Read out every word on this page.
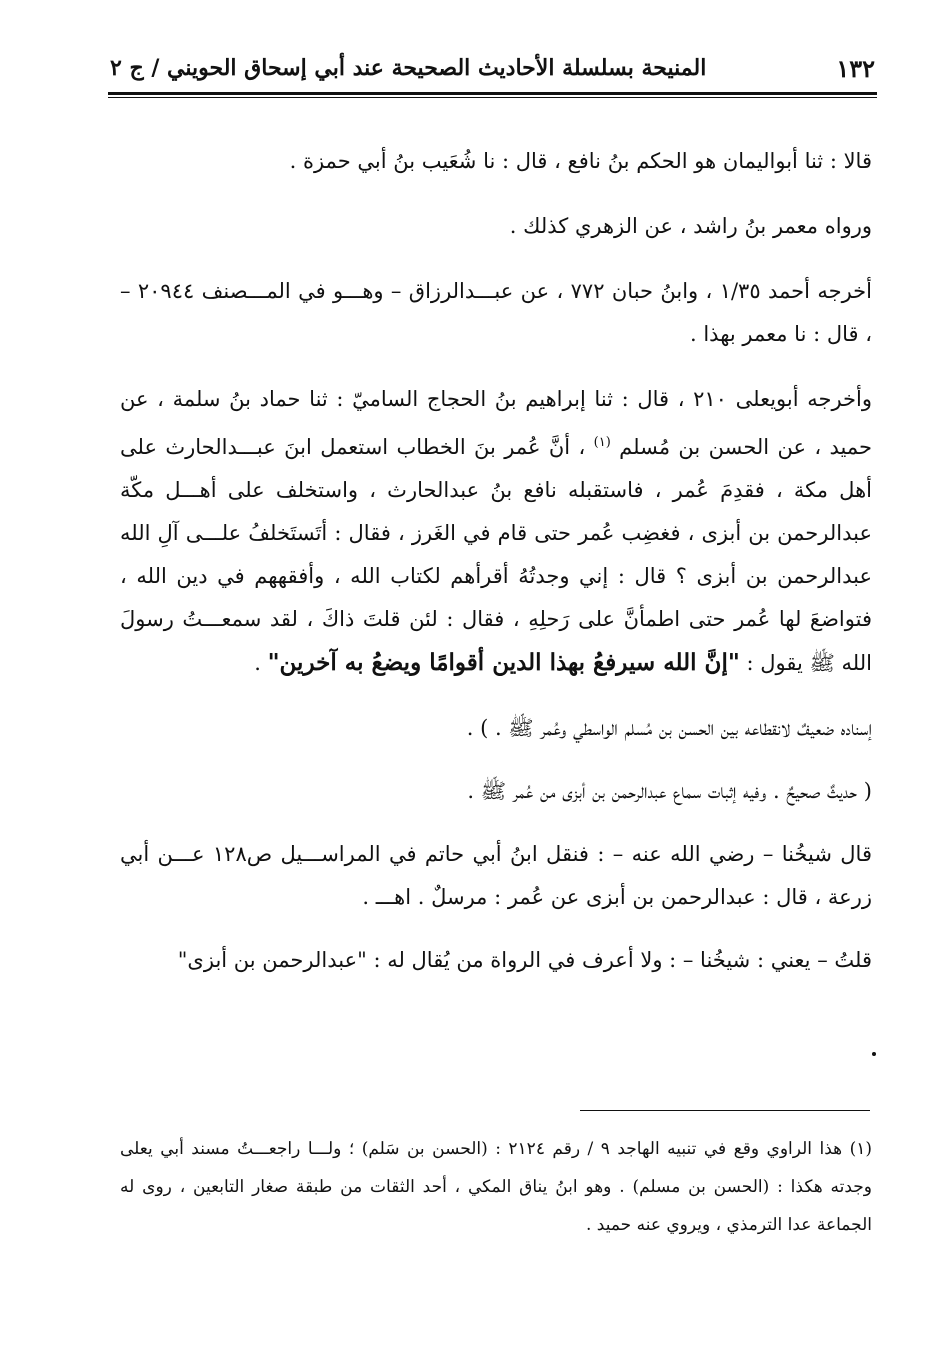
١٣٢
المنيحة بسلسلة الأحاديث الصحيحة عند أبي إسحاق الحويني / ج ٢

قالا : ثنا أبواليمان هو الحكم بنُ نافع ، قال : نا شُعَيب بنُ أبي حمزة .

ورواه معمر بنُ راشد ، عن الزهري كذلك .

أخرجه أحمد ١/٣٥ ، وابنُ حبان ٧٧٢ ، عن عبـــدالرزاق – وهـــو في المـــصنف ٢٠٩٤٤ – ، قال : نا معمر بهذا .

وأخرجه أبويعلى ٢١٠ ، قال : ثنا إبراهيم بنُ الحجاج الساميّ : ثنا حماد بنُ سلمة ، عن حميد ، عن الحسن بن مُسلم $^{(١)}$ ، أنَّ عُمر بنَ الخطاب استعمل ابنَ عبـــدالحارث على أهل مكة ، فقدِمَ عُمر ، فاستقبله نافع بنُ عبدالحارث ، واستخلف على أهـــل مكّة عبدالرحمن بن أبزى ، فغضِب عُمر حتى قام في الغَرز ، فقال : أتَستَخلفُ علـــى آلِ الله عبدالرحمن بن أبزى ؟ قال : إني وجدتُهُ أقرأهم لكتاب الله ، وأفقههم في دين الله ، فتواضعَ لها عُمر حتى اطمأنَّ على رَحلِهِ ، فقال : لئن قلتَ ذاكَ ، لقد سمعـــتُ رسولَ الله ﷺ يقول : "إنَّ الله سيرفعُ بهذا الدين أقوامًا ويضعُ به آخرين" .

إسناده ضعيفٌ لانقطاعه بين الحسن بن مُسلم الواسطي وعُمر ﷺ . ) .

( حديثٌ صحيحٌ . وفيه إثبات سماع عبدالرحمن بن أبزى من عُمر ﷺ .

قال شيخُنا – رضي الله عنه – : فنقل ابنُ أبي حاتم في المراســـيل ص١٢٨ عـــن أبي زرعة ، قال : عبدالرحمن بن أبزى عن عُمر : مرسلٌ . اهـــ .

قلتُ – يعني : شيخُنا – : ولا أعرف في الرواة من يُقال له : "عبدالرحمن بن أبزى"

(١) هذا الراوي وقع في تنبيه الهاجد ٩ / رقم ٢١٢٤ : (الحسن بن سَلم) ؛ ولـــا راجعـــتُ مسند أبي يعلى وجدته هكذا : (الحسن بن مسلم) . وهو ابنُ يناق المكي ، أحد الثقات من طبقة صغار التابعين ، روى له الجماعة عدا الترمذي ، ويروي عنه حميد .
